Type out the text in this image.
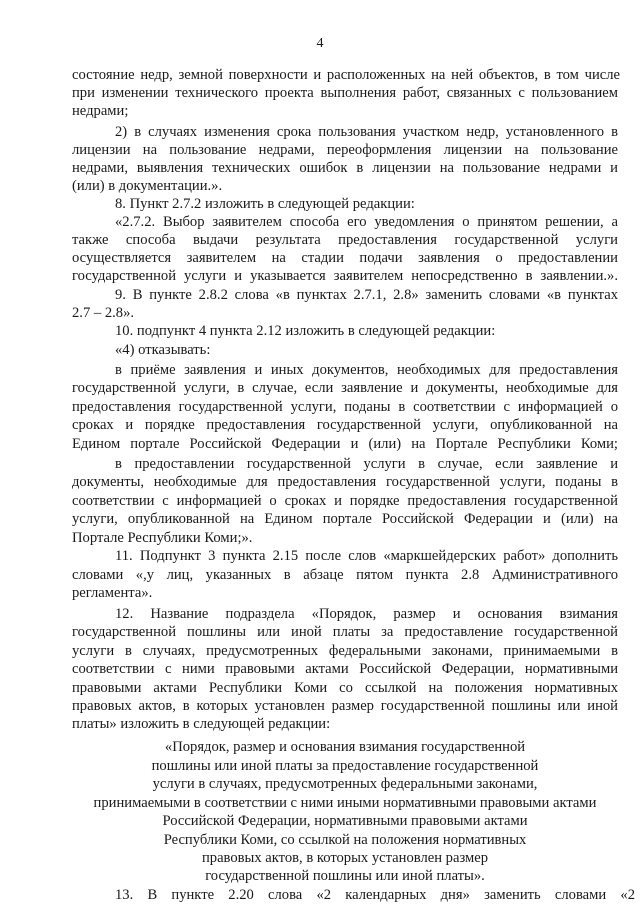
4
состояние недр, земной поверхности и расположенных на ней объектов, в том числе
при изменении технического проекта выполнения работ, связанных с пользованием
недрами;
2) в случаях изменения срока пользования участком недр, установленного в
лицензии на пользование недрами, переоформления лицензии на пользование
недрами, выявления технических ошибок в лицензии на пользование недрами и
(или) в документации.».
8. Пункт 2.7.2 изложить в следующей редакции:
«2.7.2. Выбор заявителем способа его уведомления о принятом решении, а
также способа выдачи результата предоставления государственной услуги
осуществляется заявителем на стадии подачи заявления о предоставлении
государственной услуги и указывается заявителем непосредственно в заявлении.».
9. В пункте 2.8.2 слова «в пунктах 2.7.1, 2.8» заменить словами «в пунктах
2.7 – 2.8».
10. подпункт 4 пункта 2.12 изложить в следующей редакции:
«4) отказывать:
в приёме заявления и иных документов, необходимых для предоставления
государственной услуги, в случае, если заявление и документы, необходимые для
предоставления государственной услуги, поданы в соответствии с информацией о
сроках и порядке предоставления государственной услуги, опубликованной на
Едином портале Российской Федерации и (или) на Портале Республики Коми;
в предоставлении государственной услуги в случае, если заявление и
документы, необходимые для предоставления государственной услуги, поданы в
соответствии с информацией о сроках и порядке предоставления государственной
услуги, опубликованной на Едином портале Российской Федерации и (или) на
Портале Республики Коми;».
11. Подпункт 3 пункта 2.15 после слов «маркшейдерских работ» дополнить
словами «,у лиц, указанных в абзаце пятом пункта 2.8 Административного
регламента».
12. Название подраздела «Порядок, размер и основания взимания
государственной пошлины или иной платы за предоставление государственной
услуги в случаях, предусмотренных федеральными законами, принимаемыми в
соответствии с ними правовыми актами Российской Федерации, нормативными
правовыми актами Республики Коми со ссылкой на положения нормативных
правовых актов, в которых установлен размер государственной пошлины или иной
платы» изложить в следующей редакции:
«Порядок, размер и основания взимания государственной
пошлины или иной платы за предоставление государственной
услуги в случаях, предусмотренных федеральными законами,
принимаемыми в соответствии с ними иными нормативными правовыми актами
Российской Федерации, нормативными правовыми актами
Республики Коми, со ссылкой на положения нормативных
правовых актов, в которых установлен размер
государственной пошлины или иной платы».
13. В пункте 2.20 слова «2 календарных дня» заменить словами «2
